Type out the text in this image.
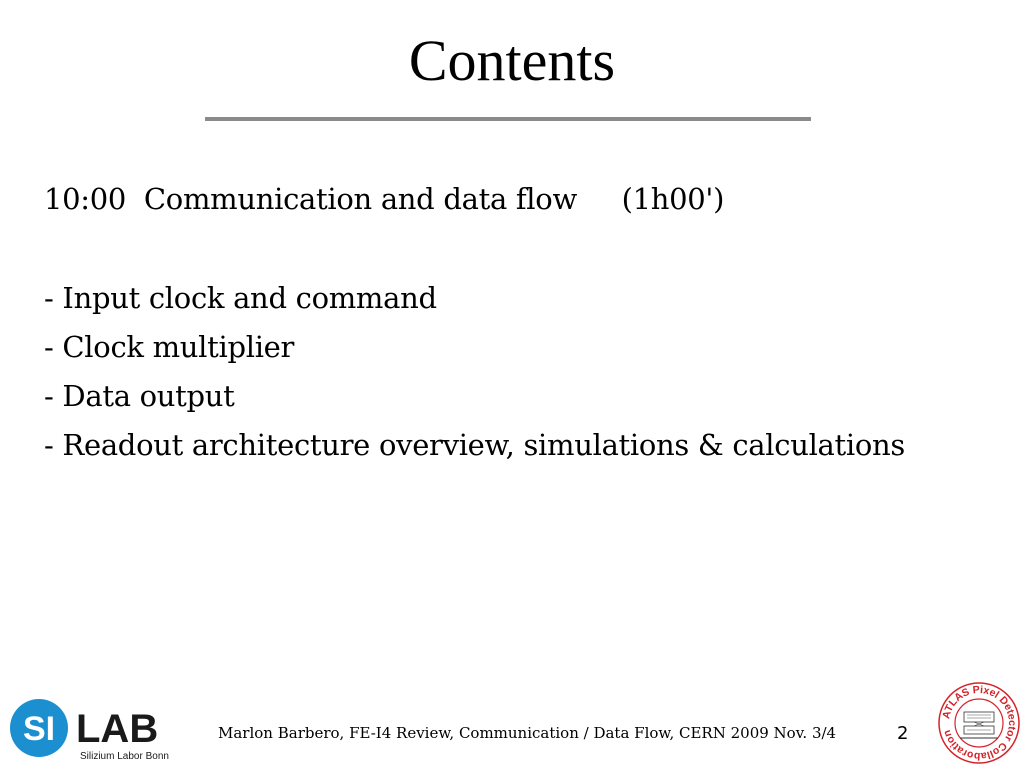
Contents
10:00 Communication and data flow (1h00')
- Input clock and command
- Clock multiplier
- Data output
- Readout architecture overview, simulations & calculations
SI LAB
Silizium Labor Bonn
Marlon Barbero, FE-I4 Review, Communication / Data Flow, CERN 2009 Nov. 3/4	2
ATLAS Pixel Detector Collaboration
